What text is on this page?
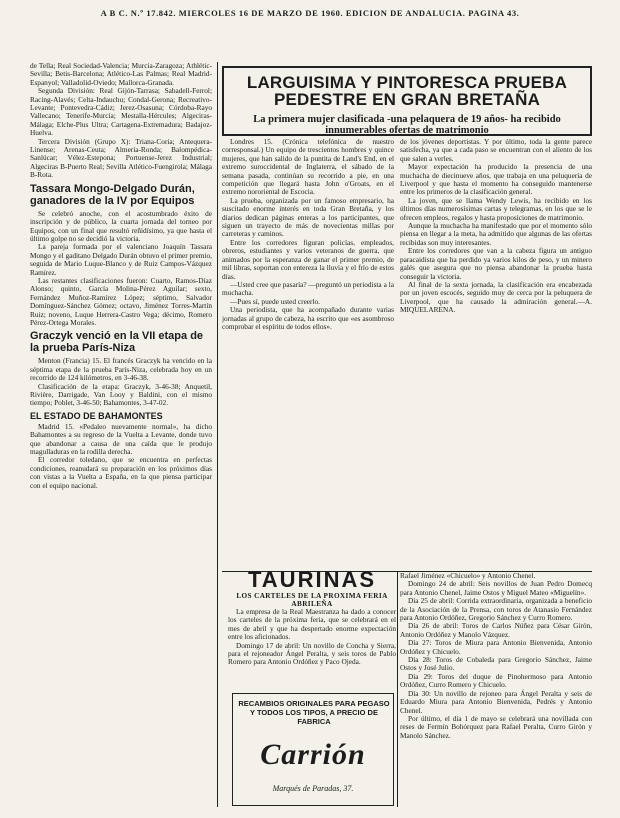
A B C. N.º 17.842. MIERCOLES 16 DE MARZO DE 1960. EDICION DE ANDALUCIA. PAGINA 43.

de Tella; Real Sociedad-Valencia; Murcia-Zaragoza; Athlétic-Sevilla; Betis-Barcelona; Atlético-Las Palmas; Real Madrid-Espanyol; Valladolid-Oviedo; Mallorca-Granada.

Segunda División: Real Gijón-Tarrasa; Sabadell-Ferrol; Racing-Alavés; Celta-Indauchu; Condal-Gerona; Recreativo-Levante; Pontevedra-Cádiz; Jerez-Osasuna; Córdoba-Rayo Vallecano; Tenerife-Murcia; Mestalla-Hércules; Algeciras-Málaga; Elche-Plus Ultra; Cartagena-Extremadura; Badajoz-Huelva.

Tercera División (Grupo X): Triana-Coria; Antequera-Linense; Arenas-Ceuta; Almería-Ronda; Balompédica-Sanlúcar; Vélez-Estepona; Portuense-Jerez Industrial; Algeciras B-Puerto Real; Sevilla Atlético-Fuengirola; Málaga B-Rota.

Tassara Mongo-Delgado Durán, ganadores de la IV por Equipos

Se celebró anoche, con el acostumbrado éxito de inscripción y de público, la cuarta jornada del torneo por Equipos, con un final que resultó reñidísimo, ya que hasta el último golpe no se decidió la victoria.

La pareja formada por el valenciano Joaquín Tassara Mongo y el gaditano Delgado Durán obtuvo el primer premio, seguida de Mario Luque-Blanco y de Ruiz Campos-Vázquez Ramírez.

Las restantes clasificaciones fueron: Cuarto, Ramos-Díaz Alonso; quinto, García Molina-Pérez Aguilar; sexto, Fernández Muñoz-Ramírez López; séptimo, Salvador Domínguez-Sánchez Gómez; octavo, Jiménez Torres-Martín Ruiz; noveno, Luque Herrera-Castro Vega; décimo, Romero Pérez-Ortega Morales.

Graczyk venció en la VII etapa de la prueba París-Niza

Menton (Francia) 15. El francés Graczyk ha vencido en la séptima etapa de la prueba París-Niza, celebrada hoy en un recorrido de 124 kilómetros, en 3-46-38.

Clasificación de la etapa: Graczyk, 3-46-38; Anquetil, Rivière, Darrigade, Van Looy y Baldini, con el mismo tiempo; Poblet, 3-46-50; Bahamontes, 3-47-02.

EL ESTADO DE BAHAMONTES

Madrid 15. «Pedaleo nuevamente normal», ha dicho Bahamontes a su regreso de la Vuelta a Levante, donde tuvo que abandonar a causa de una caída que le produjo magulladuras en la rodilla derecha.

El corredor toledano, que se encuentra en perfectas condiciones, reanudará su preparación en los próximos días con vistas a la Vuelta a España, en la que piensa participar con el equipo nacional.

LARGUISIMA Y PINTORESCA PRUEBA PEDESTRE EN GRAN BRETAÑA
La primera mujer clasificada -una pelaquera de 19 años- ha recibido innumerables ofertas de matrimonio

Londres 15. (Crónica telefónica de nuestro corresponsal.) Un equipo de trescientos hombres y quince mujeres, que han salido de la puntita de Land's End, en el extremo suroccidental de Inglaterra, el sábado de la semana pasada, continúan su recorrido a pie, en una competición que llegará hasta John o'Groats, en el extremo nororiental de Escocia.

La prueba, organizada por un famoso empresario, ha suscitado enorme interés en toda Gran Bretaña, y los diarios dedican páginas enteras a los participantes, que siguen un trayecto de más de novecientas millas por carreteras y caminos.

Entre los corredores figuran policías, empleados, obreros, estudiantes y varios veteranos de guerra, que animados por la esperanza de ganar el primer premio, de mil libras, soportan con entereza la lluvia y el frío de estos días.

—Usted cree que pasaría? —preguntó un periodista a la muchacha.

—Pues sí, puede usted creerlo.

Una periodista, que ha acompañado durante varias jornadas al grupo de cabeza, ha escrito que «es asombroso comprobar el espíritu de todos ellos».

de los jóvenes deportistas. Y por último, toda la gente parece satisfecha, ya que a cada paso se encuentran con el aliento de los que salen a verles.

Mayor expectación ha producido la presencia de una muchacha de diecinueve años, que trabaja en una peluquería de Liverpool y que hasta el momento ha conseguido mantenerse entre los primeros de la clasificación general.

La joven, que se llama Wendy Lewis, ha recibido en los últimos días numerosísimas cartas y telegramas, en los que se le ofrecen empleos, regalos y hasta proposiciones de matrimonio.

Aunque la muchacha ha manifestado que por el momento sólo piensa en llegar a la meta, ha admitido que algunas de las ofertas recibidas son muy interesantes.

Entre los corredores que van a la cabeza figura un antiguo paracaidista que ha perdido ya varios kilos de peso, y un minero galés que asegura que no piensa abandonar la prueba hasta conseguir la victoria.

Al final de la sexta jornada, la clasificación era encabezada por un joven escocés, seguido muy de cerca por la peluquera de Liverpool, que ha causado la admiración general.—A. MIQUELARENA.

TAURINAS
LOS CARTELES DE LA PROXIMA FERIA ABRILEÑA

La empresa de la Real Maestranza ha dado a conocer los carteles de la próxima feria, que se celebrará en el mes de abril y que ha despertado enorme expectación entre los aficionados.

Domingo 17 de abril: Un novillo de Concha y Sierra, para el rejoneador Ángel Peralta, y seis toros de Pablo Romero para Antonio Ordóñez y Paco Ojeda.

RECAMBIOS ORIGINALES PARA PEGASO Y TODOS LOS TIPOS, A PRECIO DE FABRICA
Carrión
Marqués de Paradas, 37.

Rafael Jiménez «Chicuelo» y Antonio Chenel.

Domingo 24 de abril: Seis novillos de Juan Pedro Domecq para Antonio Chenel, Jaime Ostos y Miguel Mateo «Miguelín».

Día 25 de abril: Corrida extraordinaria, organizada a beneficio de la Asociación de la Prensa, con toros de Atanasio Fernández para Antonio Ordóñez, Gregorio Sánchez y Curro Romero.

Día 26 de abril: Toros de Carlos Núñez para César Girón, Antonio Ordóñez y Manolo Vázquez.

Día 27: Toros de Miura para Antonio Bienvenida, Antonio Ordóñez y Chicuelo.

Día 28: Toros de Cobaleda para Gregorio Sánchez, Jaime Ostos y José Julio.

Día 29: Toros del duque de Pinohermoso para Antonio Ordóñez, Curro Romero y Chicuelo.

Día 30: Un novillo de rejoneo para Ángel Peralta y seis de Eduardo Miura para Antonio Bienvenida, Pedrés y Antonio Chenel.

Por último, el día 1 de mayo se celebrará una novillada con reses de Fermín Bohórquez para Rafael Peralta, Curro Girón y Manolo Sánchez.
